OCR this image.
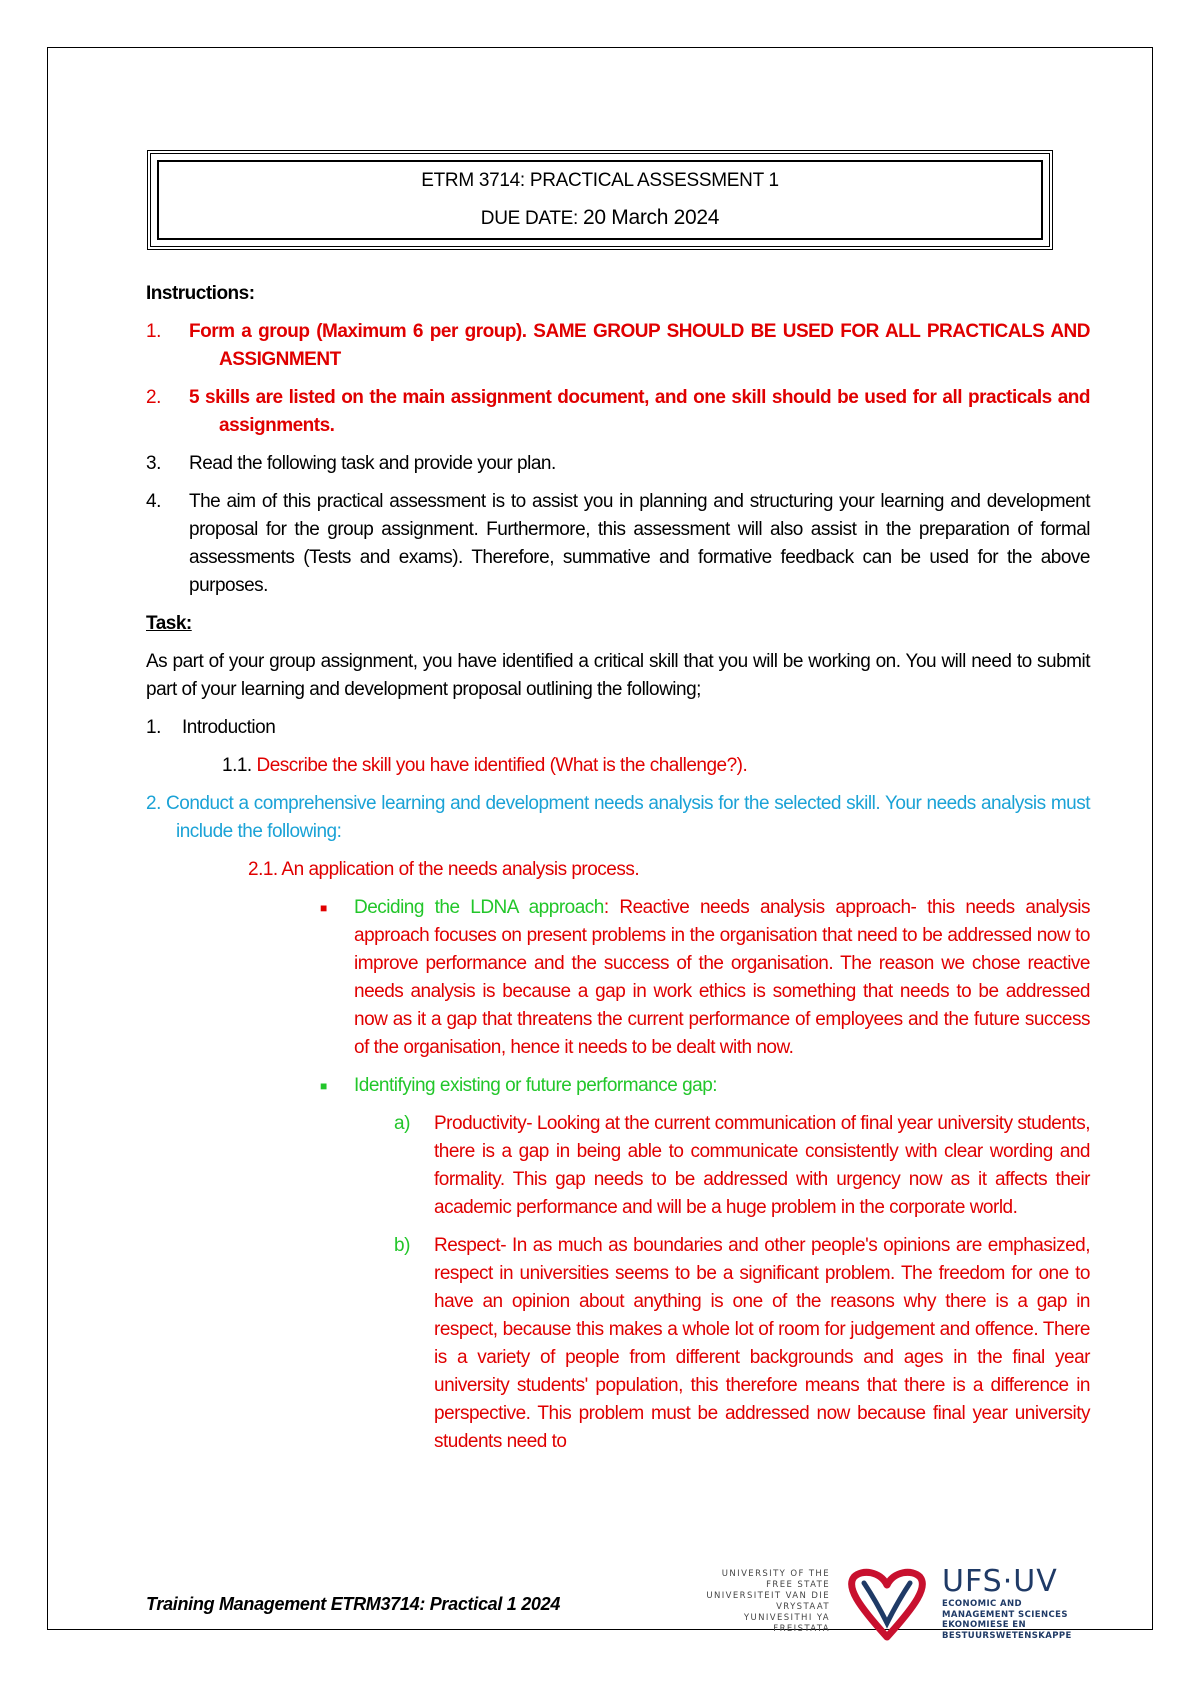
ETRM 3714: PRACTICAL ASSESSMENT 1
DUE DATE: 20 March 2024
Instructions:
1.	Form a group (Maximum 6 per group). SAME GROUP SHOULD BE USED FOR ALL PRACTICALS AND ASSIGNMENT
2.	5 skills are listed on the main assignment document, and one skill should be used for all practicals and assignments.
3.	Read the following task and provide your plan.
4.	The aim of this practical assessment is to assist you in planning and structuring your learning and development proposal for the group assignment. Furthermore, this assessment will also assist in the preparation of formal assessments (Tests and exams). Therefore, summative and formative feedback can be used for the above purposes.
Task:
As part of your group assignment, you have identified a critical skill that you will be working on. You will need to submit part of your learning and development proposal outlining the following;
1.	Introduction
1.1. Describe the skill you have identified (What is the challenge?).
2. Conduct a comprehensive learning and development needs analysis for the selected skill. Your needs analysis must include the following:
2.1. An application of the needs analysis process.
■	Deciding the LDNA approach: Reactive needs analysis approach- this needs analysis approach focuses on present problems in the organisation that need to be addressed now to improve performance and the success of the organisation. The reason we chose reactive needs analysis is because a gap in work ethics is something that needs to be addressed now as it a gap that threatens the current performance of employees and the future success of the organisation, hence it needs to be dealt with now.
■	Identifying existing or future performance gap:
a)	Productivity- Looking at the current communication of final year university students, there is a gap in being able to communicate consistently with clear wording and formality. This gap needs to be addressed with urgency now as it affects their academic performance and will be a huge problem in the corporate world.
b)	Respect- In as much as boundaries and other people's opinions are emphasized, respect in universities seems to be a significant problem. The freedom for one to have an opinion about anything is one of the reasons why there is a gap in respect, because this makes a whole lot of room for judgement and offence. There is a variety of people from different backgrounds and ages in the final year university students' population, this therefore means that there is a difference in perspective. This problem must be addressed now because final year university students need to
Training Management ETRM3714: Practical 1 2024
UNIVERSITY OF THE
FREE STATE
UNIVERSITEIT VAN DIE
VRYSTAAT
YUNIVESITHI YA
FREISTATA
UFS·UV
ECONOMIC AND
MANAGEMENT SCIENCES
EKONOMIESE EN
BESTUURSWETENSKAPPE
